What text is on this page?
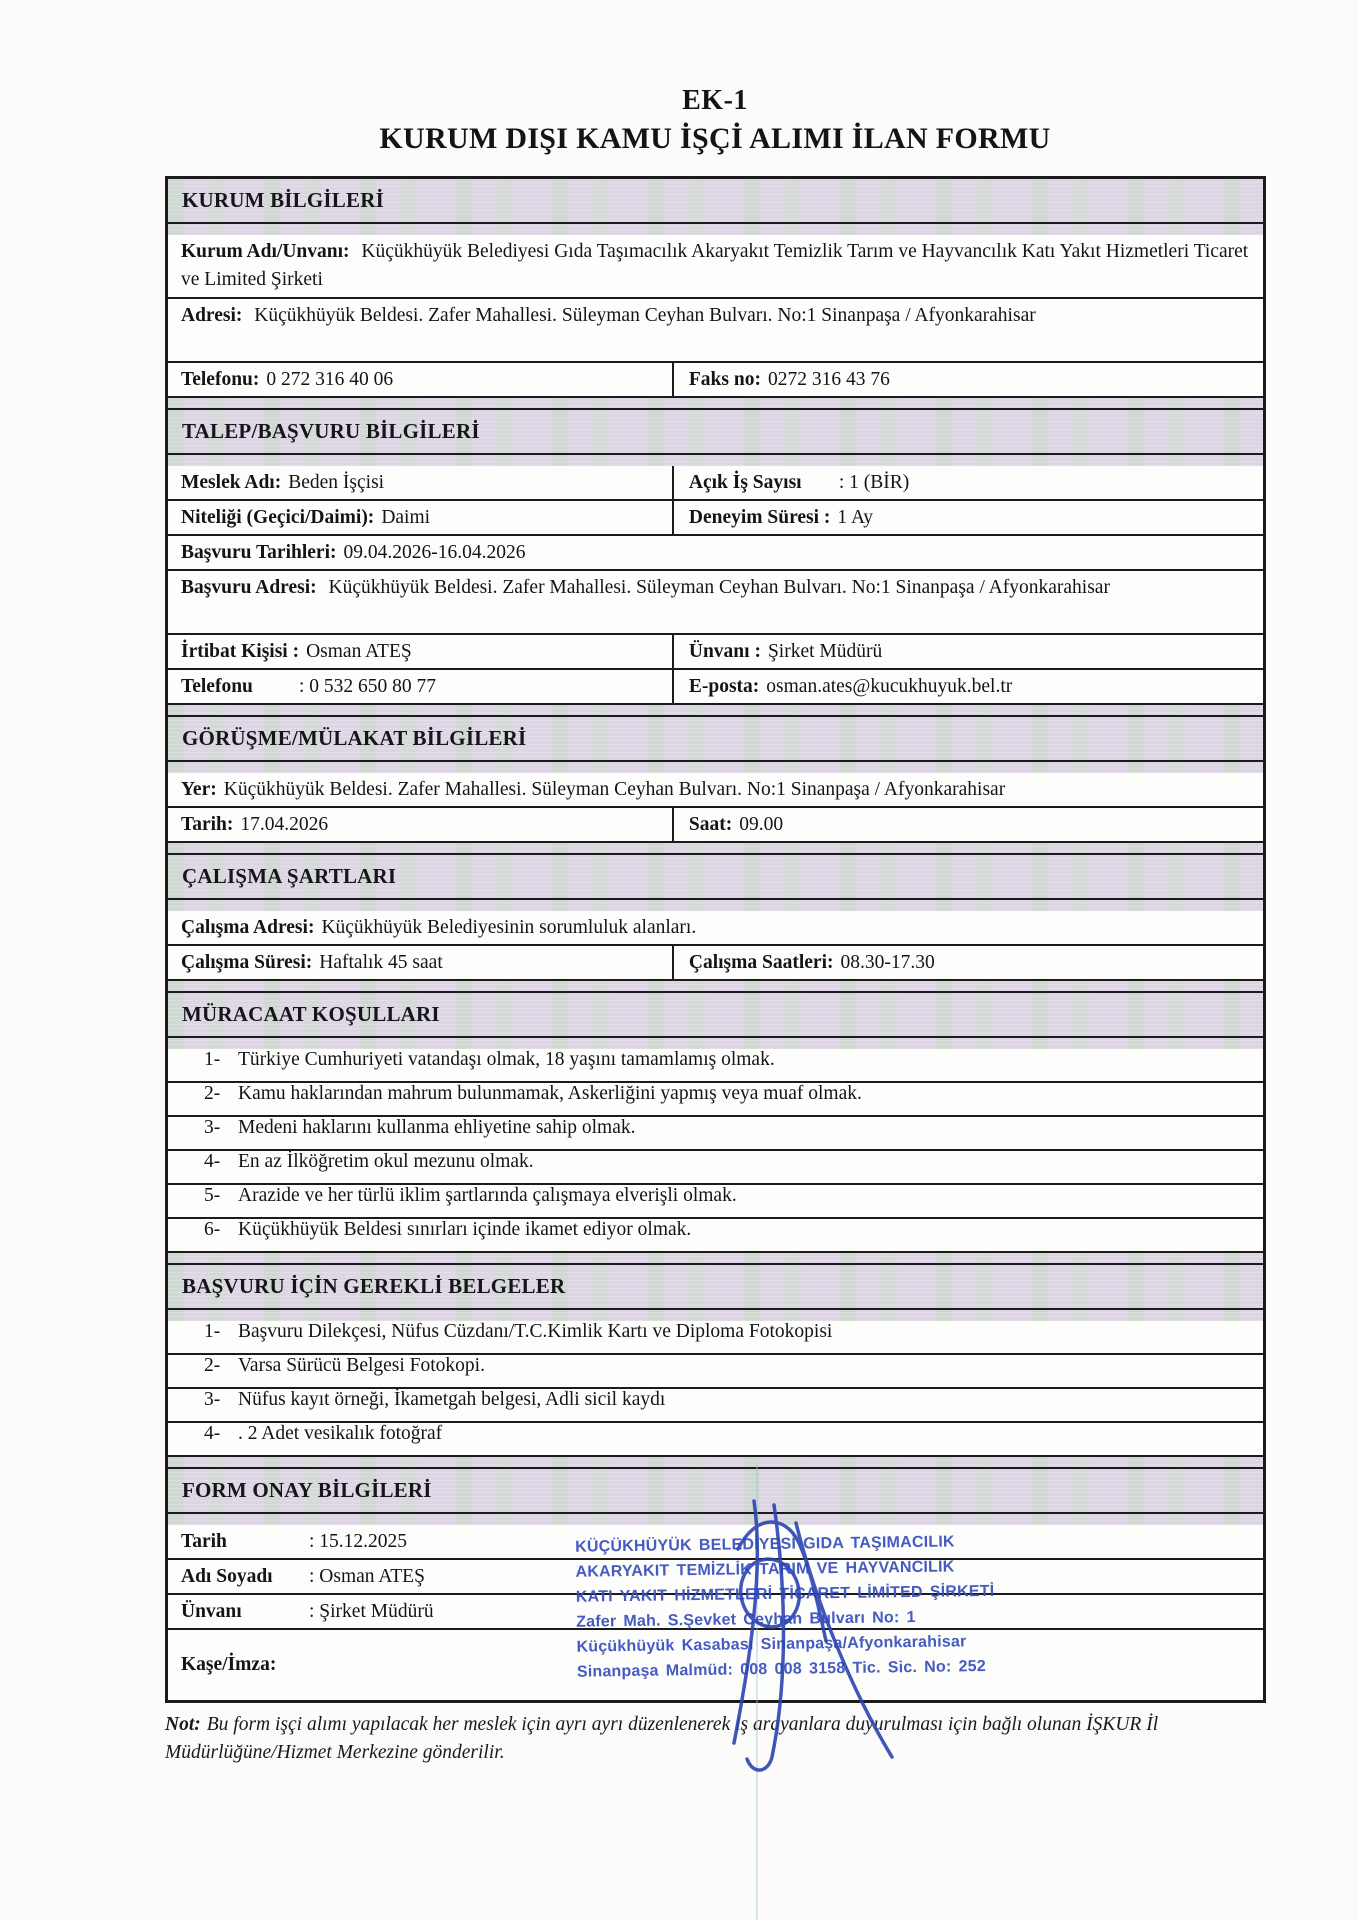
EK-1
KURUM DIŞI KAMU İŞÇİ ALIMI İLAN FORMU
KURUM BİLGİLERİ
Kurum Adı/Unvanı: Küçükhüyük Belediyesi Gıda Taşımacılık Akaryakıt Temizlik Tarım ve Hayvancılık Katı Yakıt Hizmetleri Ticaret ve Limited Şirketi
Adresi: Küçükhüyük Beldesi. Zafer Mahallesi. Süleyman Ceyhan Bulvarı. No:1 Sinanpaşa / Afyonkarahisar
Telefonu: 0 272 316 40 06	Faks no: 0272 316 43 76
TALEP/BAŞVURU BİLGİLERİ
Meslek Adı: Beden İşçisi	Açık İş Sayısı	: 1 (BİR)
Niteliği (Geçici/Daimi): Daimi	Deneyim Süresi : 1 Ay
Başvuru Tarihleri: 09.04.2026-16.04.2026
Başvuru Adresi: Küçükhüyük Beldesi. Zafer Mahallesi. Süleyman Ceyhan Bulvarı. No:1 Sinanpaşa / Afyonkarahisar
İrtibat Kişisi : Osman ATEŞ	Ünvanı : Şirket Müdürü
Telefonu	: 0 532 650 80 77	E-posta: osman.ates@kucukhuyuk.bel.tr
GÖRÜŞME/MÜLAKAT BİLGİLERİ
Yer: Küçükhüyük Beldesi. Zafer Mahallesi. Süleyman Ceyhan Bulvarı. No:1 Sinanpaşa / Afyonkarahisar
Tarih: 17.04.2026	Saat: 09.00
ÇALIŞMA ŞARTLARI
Çalışma Adresi: Küçükhüyük Belediyesinin sorumluluk alanları.
Çalışma Süresi: Haftalık 45 saat	Çalışma Saatleri: 08.30-17.30
MÜRACAAT KOŞULLARI
1- Türkiye Cumhuriyeti vatandaşı olmak, 18 yaşını tamamlamış olmak.
2- Kamu haklarından mahrum bulunmamak, Askerliğini yapmış veya muaf olmak.
3- Medeni haklarını kullanma ehliyetine sahip olmak.
4- En az İlköğretim okul mezunu olmak.
5- Arazide ve her türlü iklim şartlarında çalışmaya elverişli olmak.
6- Küçükhüyük Beldesi sınırları içinde ikamet ediyor olmak.
BAŞVURU İÇİN GEREKLİ BELGELER
1- Başvuru Dilekçesi, Nüfus Cüzdanı/T.C.Kimlik Kartı ve Diploma Fotokopisi
2- Varsa Sürücü Belgesi Fotokopi.
3- Nüfus kayıt örneği, İkametgah belgesi, Adli sicil kaydı
4- . 2 Adet vesikalık fotoğraf
FORM ONAY BİLGİLERİ
Tarih	: 15.12.2025
Adı Soyadı	: Osman ATEŞ
Ünvanı	: Şirket Müdürü
Kaşe/İmza:
KÜÇÜKHÜYÜK BELEDİYESİ GIDA TAŞIMACILIK
AKARYAKIT TEMİZLİK TARIM VE HAYVANCILIK
KATI YAKIT HİZMETLERİ TİCARET LİMİTED ŞİRKETİ
Zafer Mah. S.Şevket Ceyhan Bulvarı No: 1
Küçükhüyük Kasabası Sinanpaşa/Afyonkarahisar
Sinanpaşa Malmüd: 008 008 3158 Tic. Sic. No: 252
Not: Bu form işçi alımı yapılacak her meslek için ayrı ayrı düzenlenerek iş arayanlara duyurulması için bağlı olunan İŞKUR İl Müdürlüğüne/Hizmet Merkezine gönderilir.
